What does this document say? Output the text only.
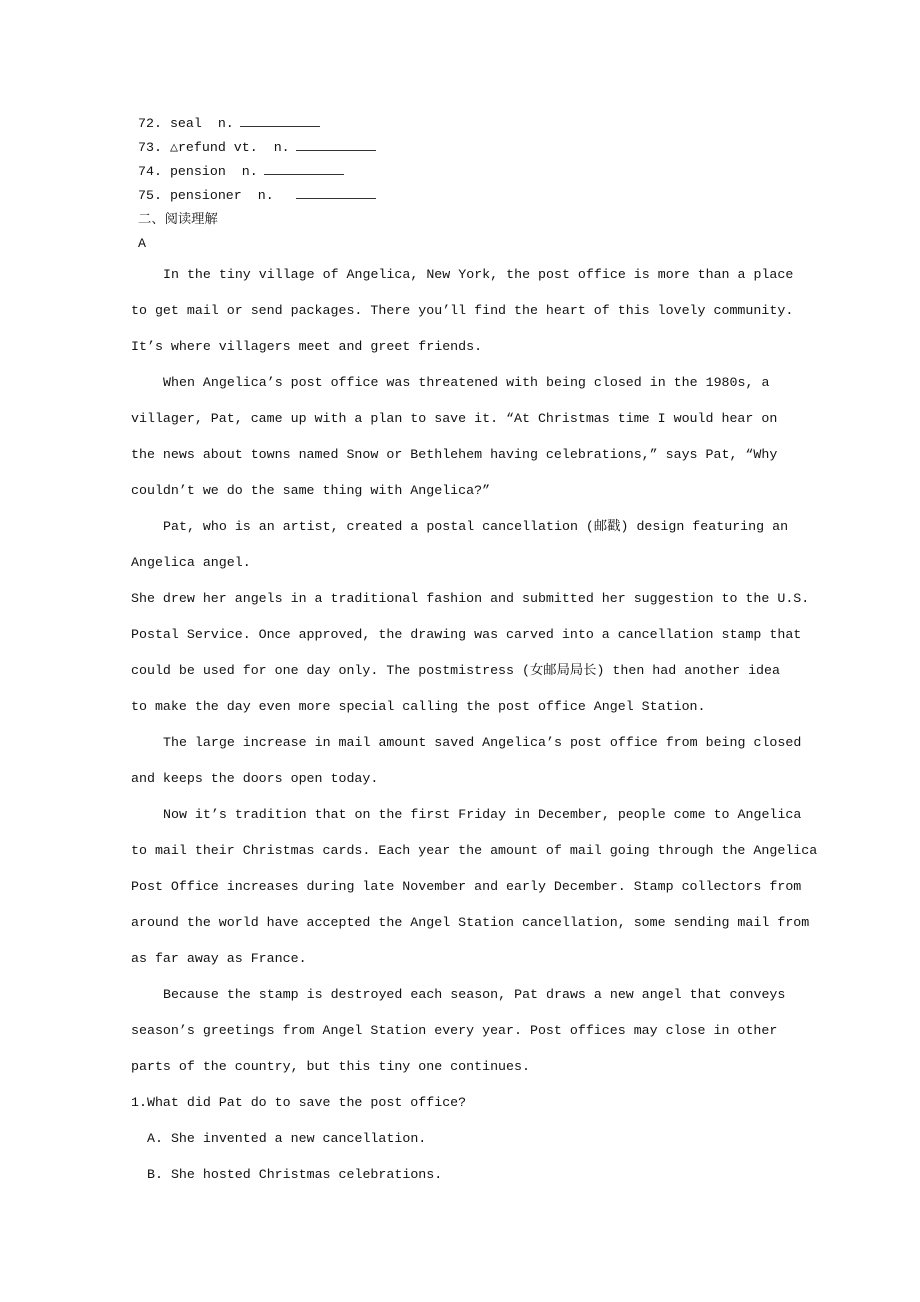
72. seal  n.
73. △refund vt.  n.
74. pension  n.
75. pensioner  n.
二、阅读理解
A
In the tiny village of Angelica, New York, the post office is more than a place
to get mail or send packages. There you’ll find the heart of this lovely community.
It’s where villagers meet and greet friends.
When Angelica’s post office was threatened with being closed in the 1980s, a
villager, Pat, came up with a plan to save it. “At Christmas time I would hear on
the news about towns named Snow or Bethlehem having celebrations,” says Pat, “Why
couldn’t we do the same thing with Angelica?”
Pat, who is an artist, created a postal cancellation (邮戳) design featuring an
Angelica angel.
She drew her angels in a traditional fashion and submitted her suggestion to the U.S.
Postal Service. Once approved, the drawing was carved into a cancellation stamp that
could be used for one day only. The postmistress (女邮局局长) then had another idea
to make the day even more special calling the post office Angel Station.
The large increase in mail amount saved Angelica’s post office from being closed
and keeps the doors open today.
Now it’s tradition that on the first Friday in December, people come to Angelica
to mail their Christmas cards. Each year the amount of mail going through the Angelica
Post Office increases during late November and early December. Stamp collectors from
around the world have accepted the Angel Station cancellation, some sending mail from
as far away as France.
Because the stamp is destroyed each season, Pat draws a new angel that conveys
season’s greetings from Angel Station every year. Post offices may close in other
parts of the country, but this tiny one continues.
1.What did Pat do to save the post office?
A. She invented a new cancellation.
B. She hosted Christmas celebrations.
